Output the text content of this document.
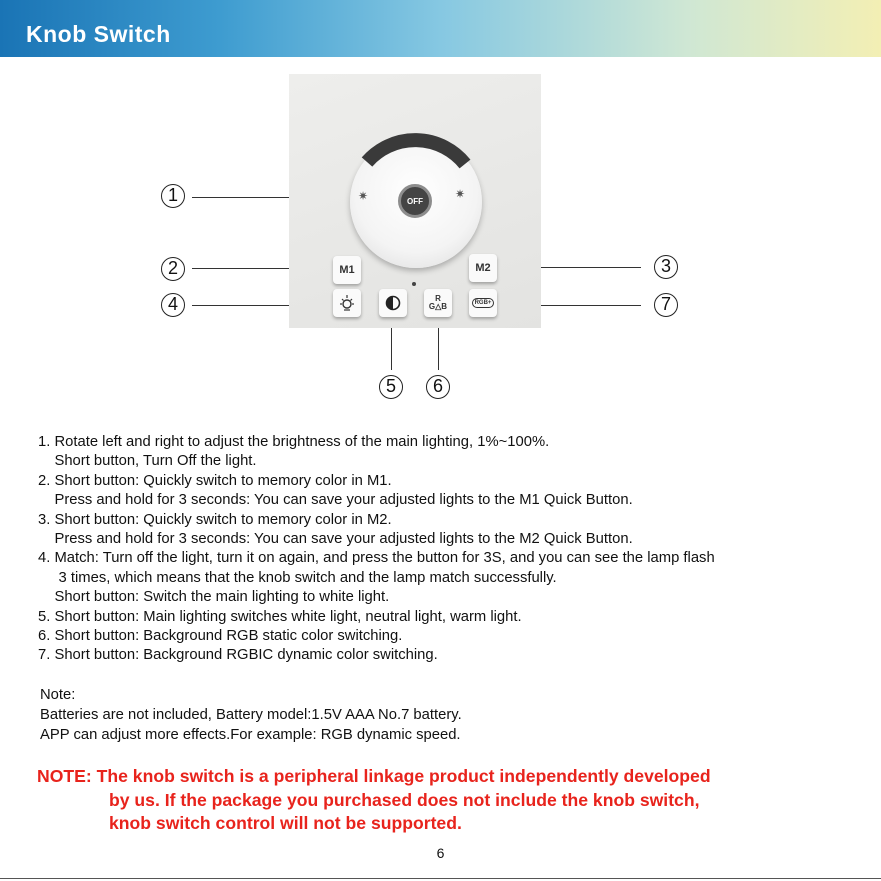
Knob Switch
✷	✷
OFF
M1	M2
R
G△B	RGB+
1
2	3
4
5	6
7
1. Rotate left and right to adjust the brightness of the main lighting, 1%~100%.
Short button, Turn Off the light.
2. Short button: Quickly switch to memory color in M1.
Press and hold for 3 seconds: You can save your adjusted lights to the M1 Quick Button.
3. Short button: Quickly switch to memory color in M2.
Press and hold for 3 seconds: You can save your adjusted lights to the M2 Quick Button.
4. Match: Turn off the light, turn it on again, and press the button for 3S, and you can see the lamp flash
3 times, which means that the knob switch and the lamp match successfully.
Short button: Switch the main lighting to white light.
5. Short button: Main lighting switches white light, neutral light, warm light.
6. Short button: Background RGB static color switching.
7. Short button: Background RGBIC dynamic color switching.
Note:
Batteries are not included, Battery model:1.5V AAA No.7 battery.
APP can adjust more effects.For example: RGB dynamic speed.
NOTE: The knob switch is a peripheral linkage product independently developed
by us. If the package you purchased does not include the knob switch,
knob switch control will not be supported.
6
